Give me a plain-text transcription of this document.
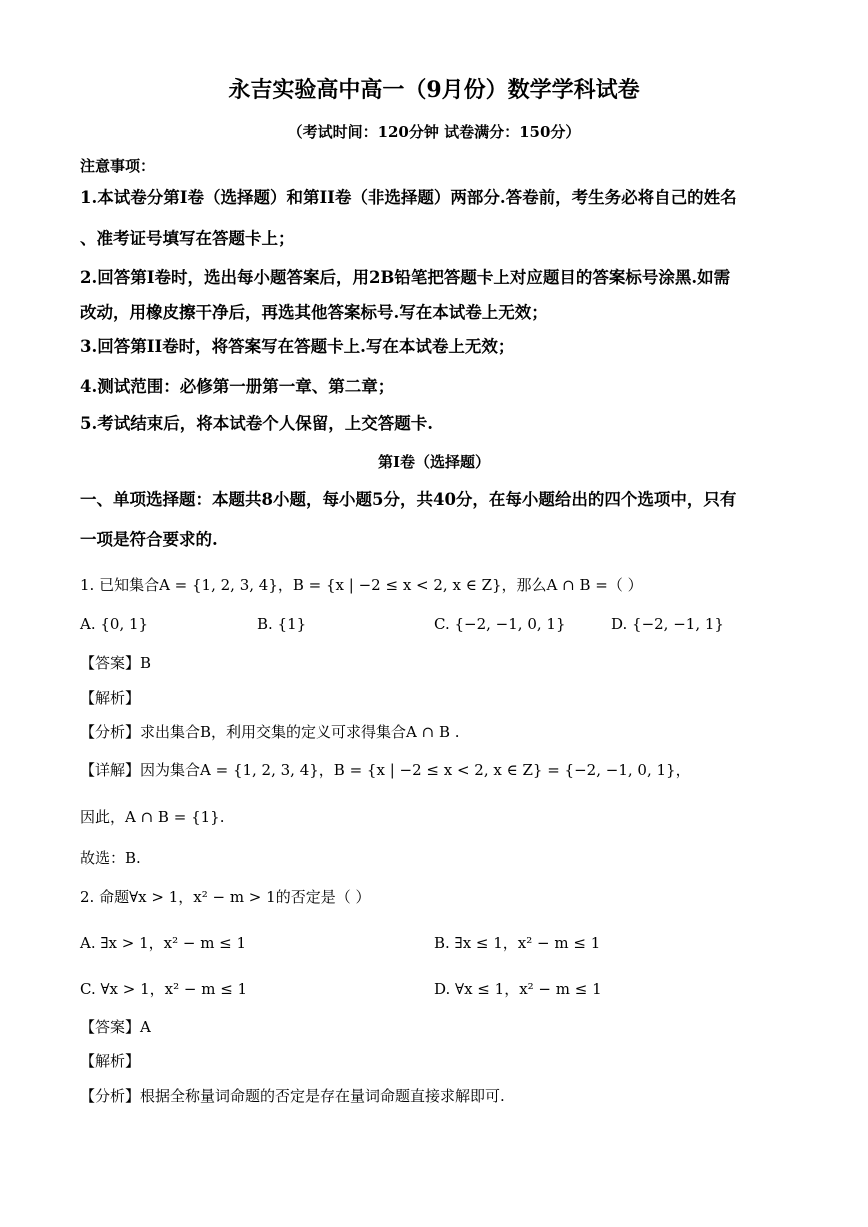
永吉实验高中高一（9月份）数学学科试卷
（考试时间：120分钟 试卷满分：150分）
注意事项：
1.本试卷分第I卷（选择题）和第II卷（非选择题）两部分.答卷前，考生务必将自己的姓名
、准考证号填写在答题卡上；
2.回答第I卷时，选出每小题答案后，用2B铅笔把答题卡上对应题目的答案标号涂黑.如需
改动，用橡皮擦干净后，再选其他答案标号.写在本试卷上无效；
3.回答第II卷时，将答案写在答题卡上.写在本试卷上无效；
4.测试范围：必修第一册第一章、第二章；
5.考试结束后，将本试卷个人保留，上交答题卡.
第I卷（选择题）
一、单项选择题：本题共8小题，每小题5分，共40分，在每小题给出的四个选项中，只有
一项是符合要求的.
1. 已知集合A = {1, 2, 3, 4}，B = {x | −2 ≤ x < 2, x ∈ Z}，那么A ∩ B =（ ）
A. {0, 1}	B. {1}	C. {−2, −1, 0, 1}	D. {−2, −1, 1}
【答案】B
【解析】
【分析】求出集合B，利用交集的定义可求得集合A ∩ B .
【详解】因为集合A = {1, 2, 3, 4}，B = {x | −2 ≤ x < 2, x ∈ Z} = {−2, −1, 0, 1}，
因此，A ∩ B = {1}.
故选：B.
2. 命题∀x > 1，x² − m > 1的否定是（ ）
A. ∃x > 1，x² − m ≤ 1	B. ∃x ≤ 1，x² − m ≤ 1
C. ∀x > 1，x² − m ≤ 1	D. ∀x ≤ 1，x² − m ≤ 1
【答案】A
【解析】
【分析】根据全称量词命题的否定是存在量词命题直接求解即可.
